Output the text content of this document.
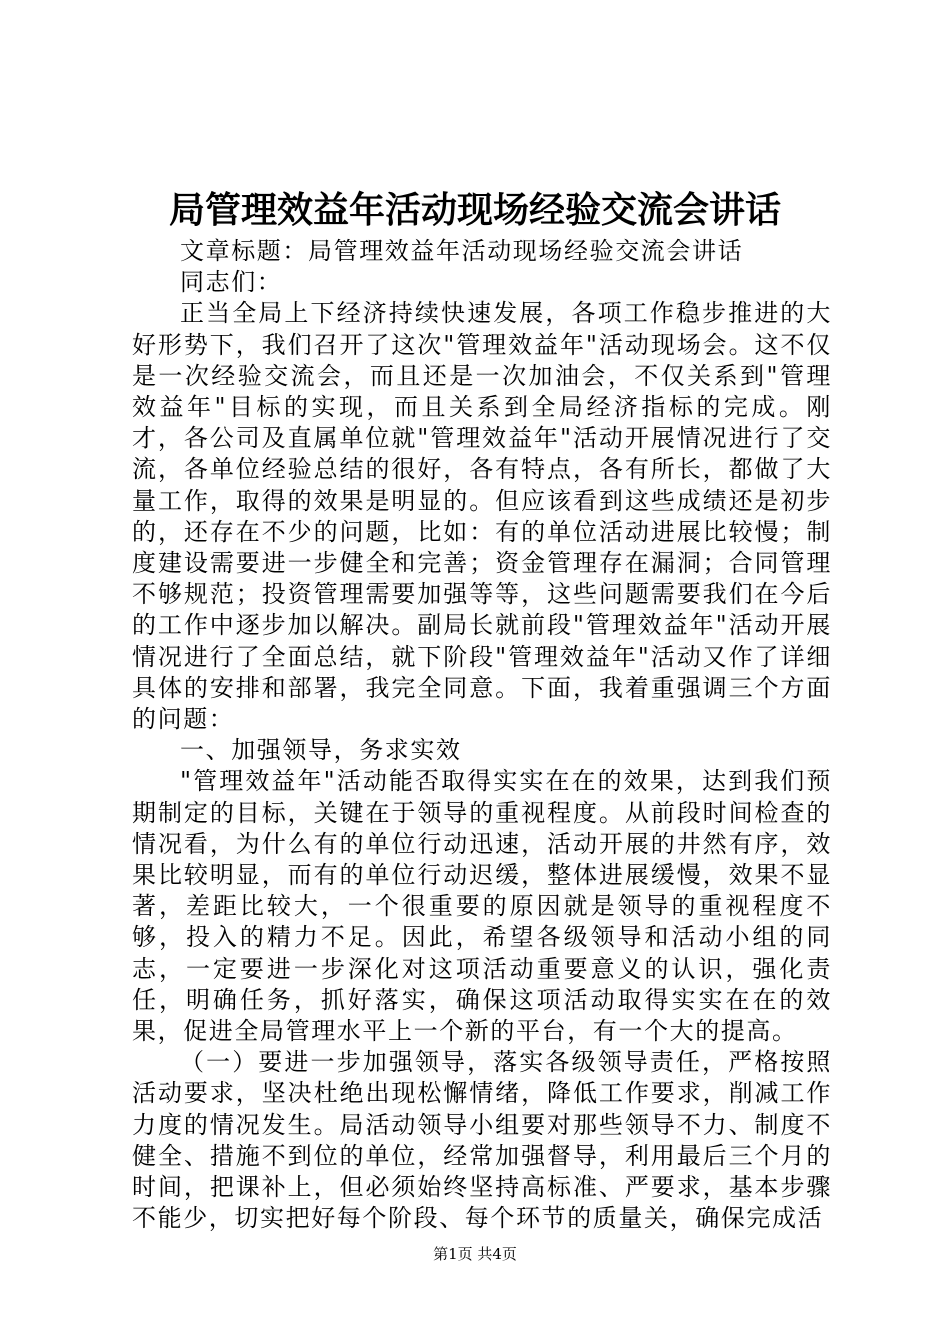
局管理效益年活动现场经验交流会讲话

文章标题：局管理效益年活动现场经验交流会讲话

同志们：

正当全局上下经济持续快速发展，各项工作稳步推进的大好形势下，我们召开了这次"管理效益年"活动现场会。这不仅是一次经验交流会，而且还是一次加油会，不仅关系到"管理效益年"目标的实现，而且关系到全局经济指标的完成。刚才，各公司及直属单位就"管理效益年"活动开展情况进行了交流，各单位经验总结的很好，各有特点，各有所长，都做了大量工作，取得的效果是明显的。但应该看到这些成绩还是初步的，还存在不少的问题，比如：有的单位活动进展比较慢；制度建设需要进一步健全和完善；资金管理存在漏洞；合同管理不够规范；投资管理需要加强等等，这些问题需要我们在今后的工作中逐步加以解决。副局长就前段"管理效益年"活动开展情况进行了全面总结，就下阶段"管理效益年"活动又作了详细具体的安排和部署，我完全同意。下面，我着重强调三个方面的问题：

一、加强领导，务求实效

"管理效益年"活动能否取得实实在在的效果，达到我们预期制定的目标，关键在于领导的重视程度。从前段时间检查的情况看，为什么有的单位行动迅速，活动开展的井然有序，效果比较明显，而有的单位行动迟缓，整体进展缓慢，效果不显著，差距比较大，一个很重要的原因就是领导的重视程度不够，投入的精力不足。因此，希望各级领导和活动小组的同志，一定要进一步深化对这项活动重要意义的认识，强化责任，明确任务，抓好落实，确保这项活动取得实实在在的效果，促进全局管理水平上一个新的平台，有一个大的提高。

（一）要进一步加强领导，落实各级领导责任，严格按照活动要求，坚决杜绝出现松懈情绪，降低工作要求，削减工作力度的情况发生。局活动领导小组要对那些领导不力、制度不健全、措施不到位的单位，经常加强督导，利用最后三个月的时间，把课补上，但必须始终坚持高标准、严要求，基本步骤不能少，切实把好每个阶段、每个环节的质量关，确保完成活

第1页 共4页
